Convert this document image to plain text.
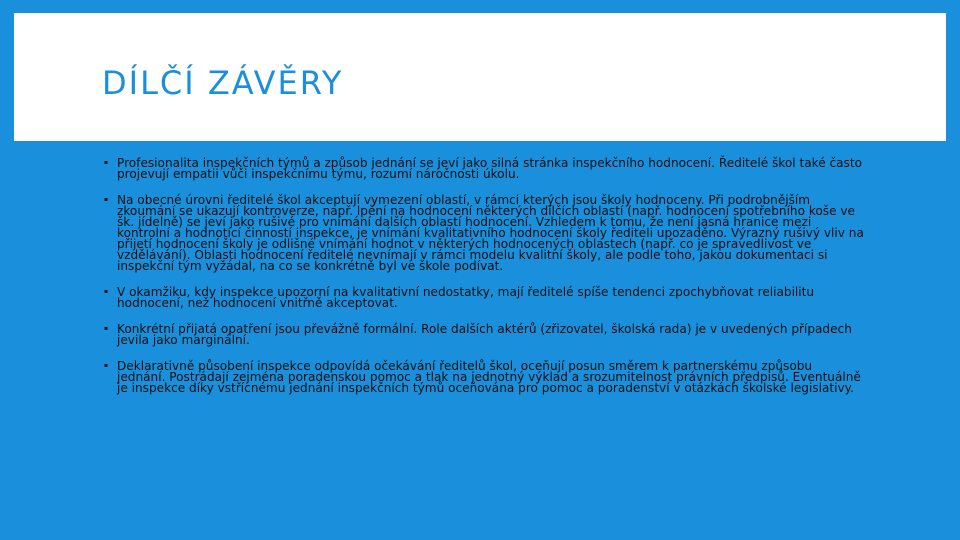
DÍLČÍ ZÁVĚRY
▪ Profesionalita inspekčních týmů a způsob jednání se jeví jako silná stránka inspekčního hodnocení. Ředitelé škol také často projevují empatii vůči inspekčnímu týmu, rozumí náročnosti úkolu.
▪ Na obecné úrovni ředitelé škol akceptují vymezení oblastí, v rámci kterých jsou školy hodnoceny. Při podrobnějším zkoumání se ukazují kontroverze, např. lpění na hodnocení některých dílčích oblastí (např. hodnocení spotřebního koše ve šk. jídelně) se jeví jako rušivé pro vnímání dalších oblastí hodnocení. Vzhledem k tomu, že není jasná hranice mezi kontrolní a hodnotící činností inspekce, je vnímání kvalitativního hodnocení školy řediteli upozaděno. Výrazný rušivý vliv na přijetí hodnocení školy je odlišné vnímání hodnot v některých hodnocených oblastech (např. co je spravedlivost ve vzdělávání). Oblasti hodnocení ředitelé nevnímají v rámci modelu kvalitní školy, ale podle toho, jakou dokumentaci si inspekční tým vyžádal, na co se konkrétně byl ve škole podívat.
▪ V okamžiku, kdy inspekce upozorní na kvalitativní nedostatky, mají ředitelé spíše tendenci zpochybňovat reliabilitu hodnocení, než hodnocení vnitřně akceptovat.
▪ Konkrétní přijatá opatření jsou převážně formální. Role dalších aktérů (zřizovatel, školská rada) je v uvedených případech jevila jako marginální.
▪ Deklarativně působení inspekce odpovídá očekávání ředitelů škol, oceňují posun směrem k partnerskému způsobu jednání. Postrádají zejména poradenskou pomoc a tlak na jednotný výklad a srozumitelnost právních předpisů. Eventuálně je inspekce díky vstřícnému jednání inspekčních týmů oceňována pro pomoc a poradenství v otázkách školské legislativy.
